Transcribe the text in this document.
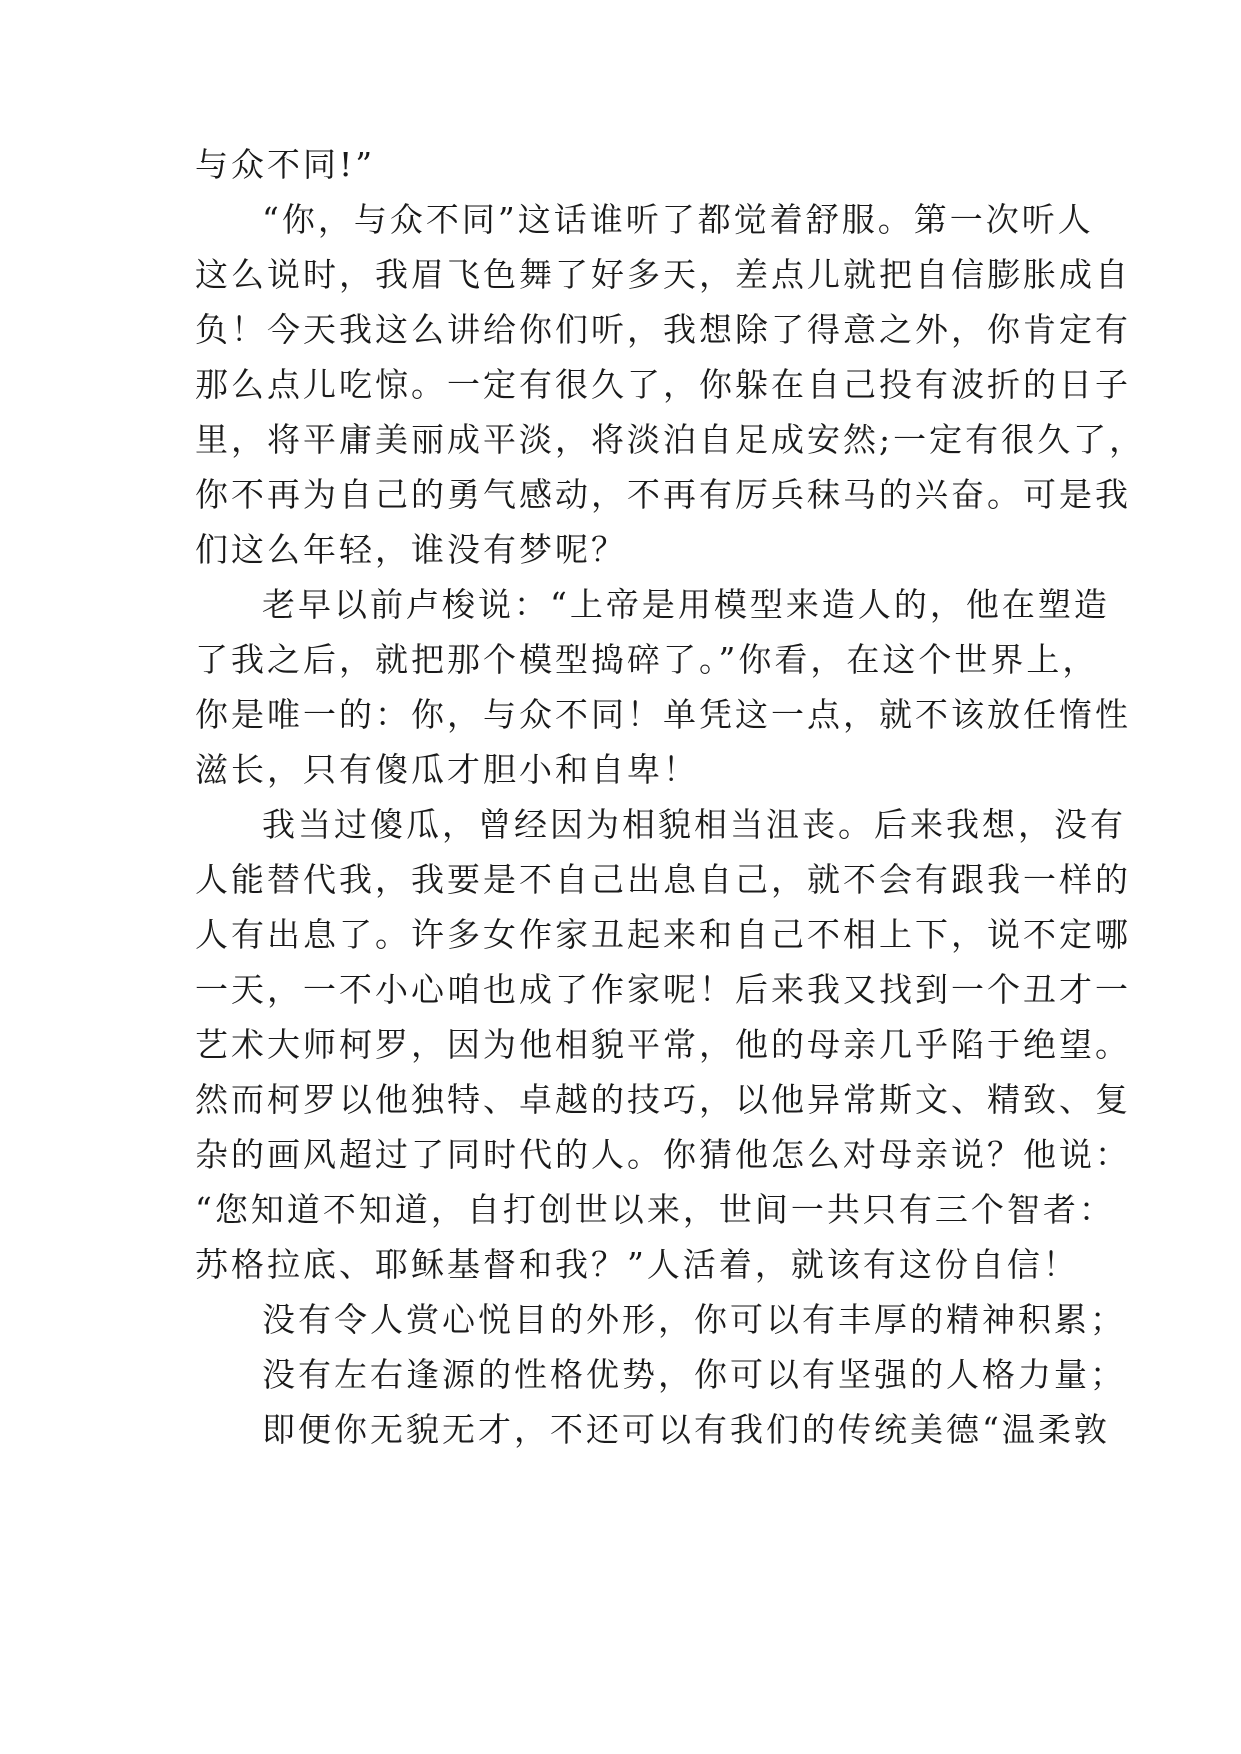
与众不同!”
“你，与众不同”这话谁听了都觉着舒服。第一次听人
这么说时，我眉飞色舞了好多天，差点儿就把自信膨胀成自
负！今天我这么讲给你们听，我想除了得意之外，你肯定有
那么点儿吃惊。一定有很久了，你躲在自己投有波折的日子
里，将平庸美丽成平淡，将淡泊自足成安然;一定有很久了，
你不再为自己的勇气感动，不再有厉兵秣马的兴奋。可是我
们这么年轻，谁没有梦呢？
老早以前卢梭说：“上帝是用模型来造人的，他在塑造
了我之后，就把那个模型捣碎了。”你看，在这个世界上，
你是唯一的：你，与众不同！单凭这一点，就不该放任惰性
滋长，只有傻瓜才胆小和自卑！
我当过傻瓜，曾经因为相貌相当沮丧。后来我想，没有
人能替代我，我要是不自己出息自己，就不会有跟我一样的
人有出息了。许多女作家丑起来和自己不相上下，说不定哪
一天，一不小心咱也成了作家呢！后来我又找到一个丑才一
艺术大师柯罗，因为他相貌平常，他的母亲几乎陷于绝望。
然而柯罗以他独特、卓越的技巧，以他异常斯文、精致、复
杂的画风超过了同时代的人。你猜他怎么对母亲说？他说：
“您知道不知道，自打创世以来，世间一共只有三个智者：
苏格拉底、耶稣基督和我？”人活着，就该有这份自信！
没有令人赏心悦目的外形，你可以有丰厚的精神积累；
没有左右逢源的性格优势，你可以有坚强的人格力量；
即便你无貌无才，不还可以有我们的传统美德“温柔敦
